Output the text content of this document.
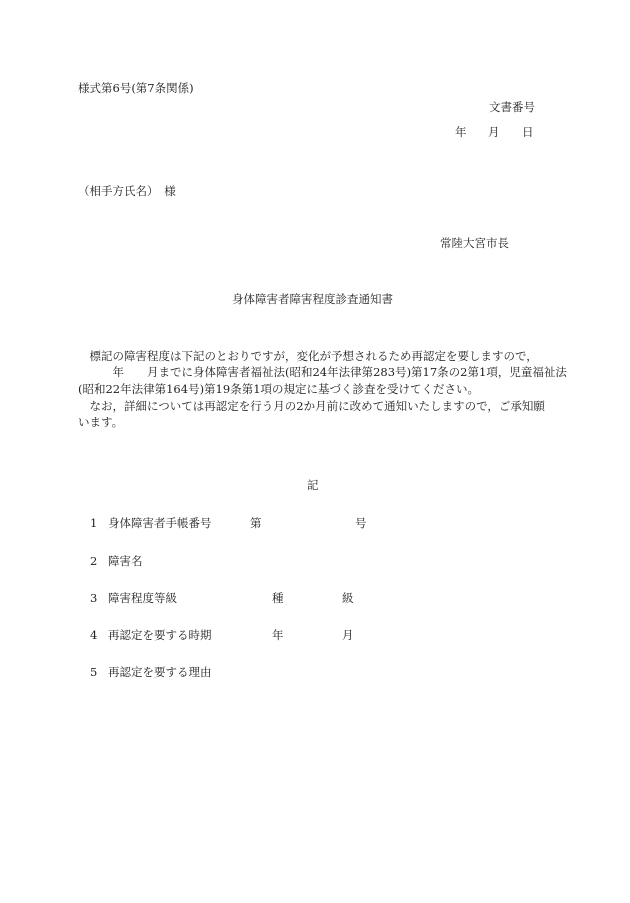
様式第6号(第7条関係)
文書番号
年 月 日
（相手方氏名）　様
常陸大宮市長
身体障害者障害程度診査通知書
　標記の障害程度は下記のとおりですが，変化が予想されるため再認定を要しますので，
　　　年　　月までに身体障害者福祉法(昭和24年法律第283号)第17条の2第1項，児童福祉法
(昭和22年法律第164号)第19条第1項の規定に基づく診査を受けてください。
　なお，詳細については再認定を行う月の2か月前に改めて通知いたしますので，ご承知願
います。
記
1 身体障害者手帳番号	第	号
2 障害名
3 障害程度等級	種	級
4 再認定を要する時期	年	月
5 再認定を要する理由
